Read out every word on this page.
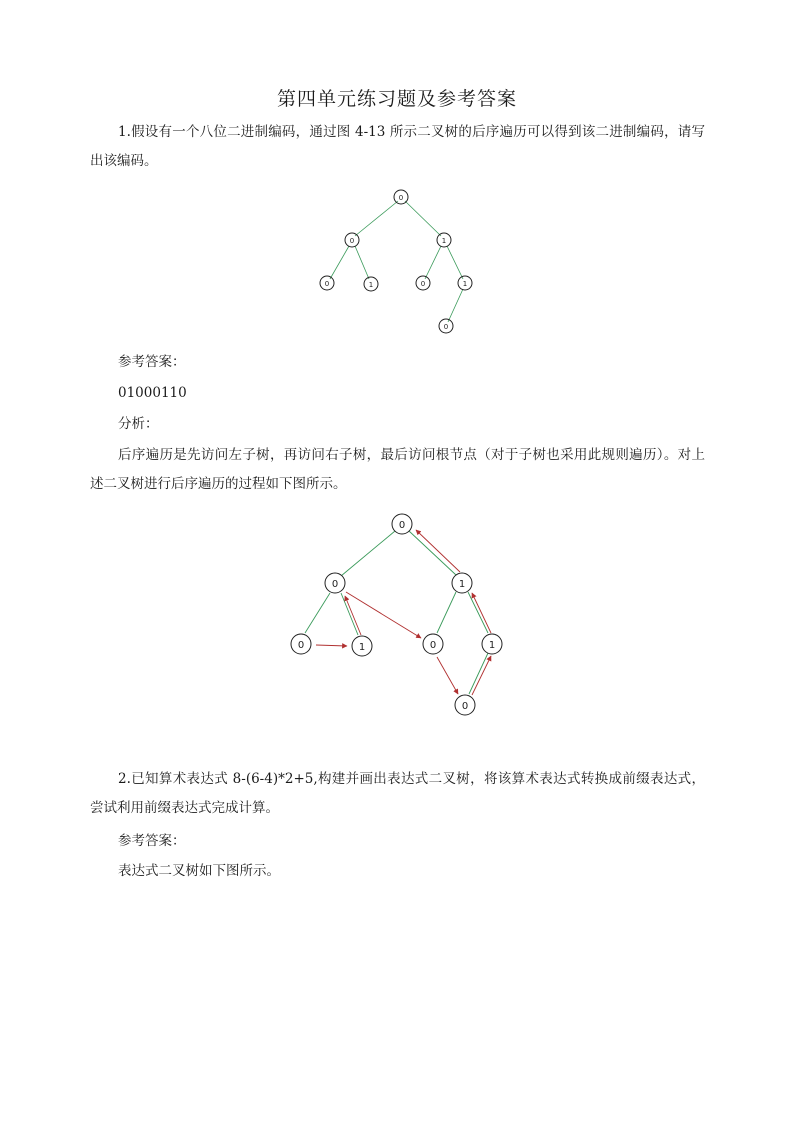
第四单元练习题及参考答案
1.假设有一个八位二进制编码，通过图 4-13 所示二叉树的后序遍历可以得到该二进制编码，请写出该编码。
0
0	1
0	1	0	1
0
参考答案：
01000110
分析：
后序遍历是先访问左子树，再访问右子树，最后访问根节点（对于子树也采用此规则遍历）。对上述二叉树进行后序遍历的过程如下图所示。
0
0	1
0	1	0	1
0
2.已知算术表达式 8-(6-4)*2+5,构建并画出表达式二叉树，将该算术表达式转换成前缀表达式，尝试利用前缀表达式完成计算。
参考答案：
表达式二叉树如下图所示。
